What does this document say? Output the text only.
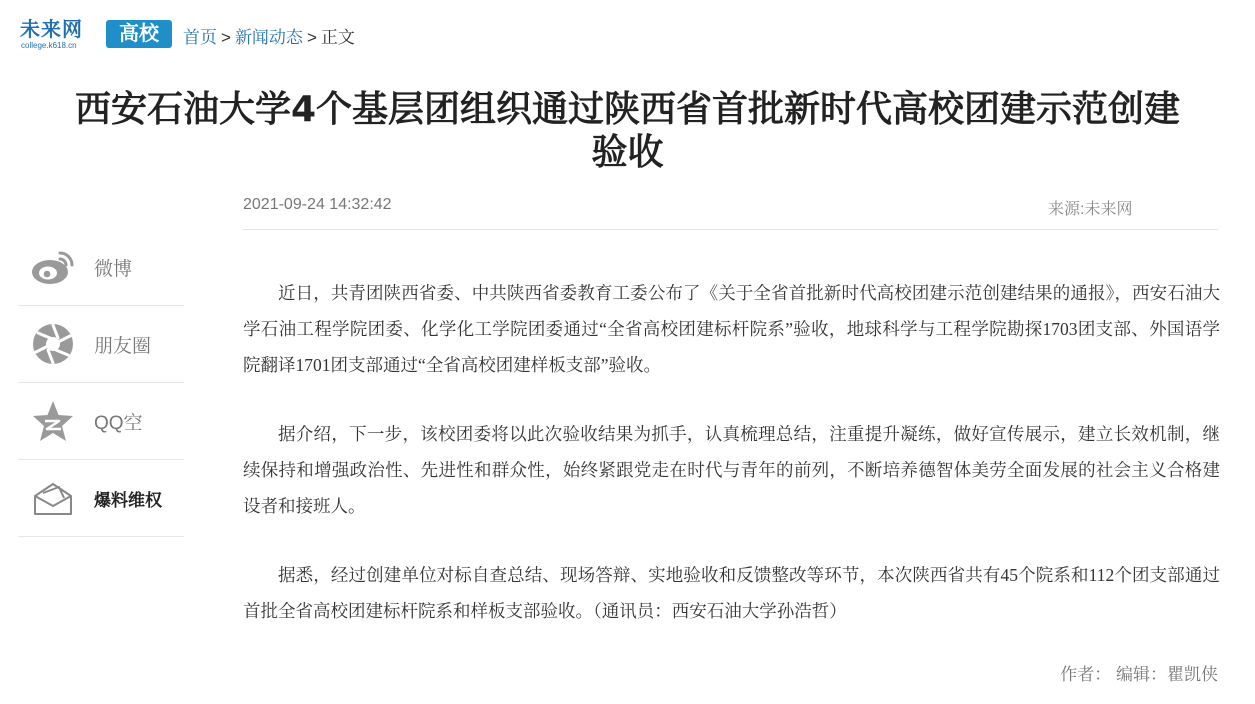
未来网
college.k618.cn
高校	首页 > 新闻动态 > 正文
西安石油大学4个基层团组织通过陕西省首批新时代高校团建示范创建
验收
2021-09-24 14:32:42	来源:未来网
微博
朋友圈
QQ空
爆料维权

近日，共青团陕西省委、中共陕西省委教育工委公布了《关于全省首批新时代高校团建示范创建结果的通报》，西安石油大学石油工程学院团委、化学化工学院团委通过“全省高校团建标杆院系”验收，地球科学与工程学院勘探1703团支部、外国语学院翻译1701团支部通过“全省高校团建样板支部”验收。

据介绍，下一步，该校团委将以此次验收结果为抓手，认真梳理总结，注重提升凝练，做好宣传展示，建立长效机制，继续保持和增强政治性、先进性和群众性，始终紧跟党走在时代与青年的前列，不断培养德智体美劳全面发展的社会主义合格建设者和接班人。

据悉，经过创建单位对标自查总结、现场答辩、实地验收和反馈整改等环节，本次陕西省共有45个院系和112个团支部通过首批全省高校团建标杆院系和样板支部验收。（通讯员：西安石油大学孙浩哲）

作者： 编辑：瞿凯侠
